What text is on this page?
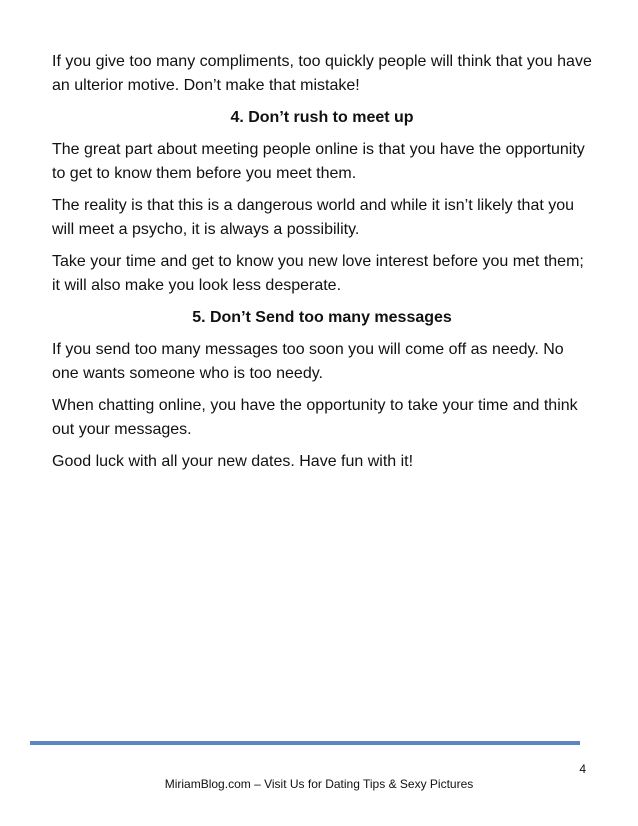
If you give too many compliments, too quickly people will think that you have an ulterior motive. Don’t make that mistake!

4. Don’t rush to meet up

The great part about meeting people online is that you have the opportunity to get to know them before you meet them.

The reality is that this is a dangerous world and while it isn’t likely that you will meet a psycho, it is always a possibility.

Take your time and get to know you new love interest before you met them; it will also make you look less desperate.

5. Don’t Send too many messages

If you send too many messages too soon you will come off as needy. No one wants someone who is too needy.

When chatting online, you have the opportunity to take your time and think out your messages.

Good luck with all your new dates. Have fun with it!

4
MiriamBlog.com – Visit Us for Dating Tips & Sexy Pictures
